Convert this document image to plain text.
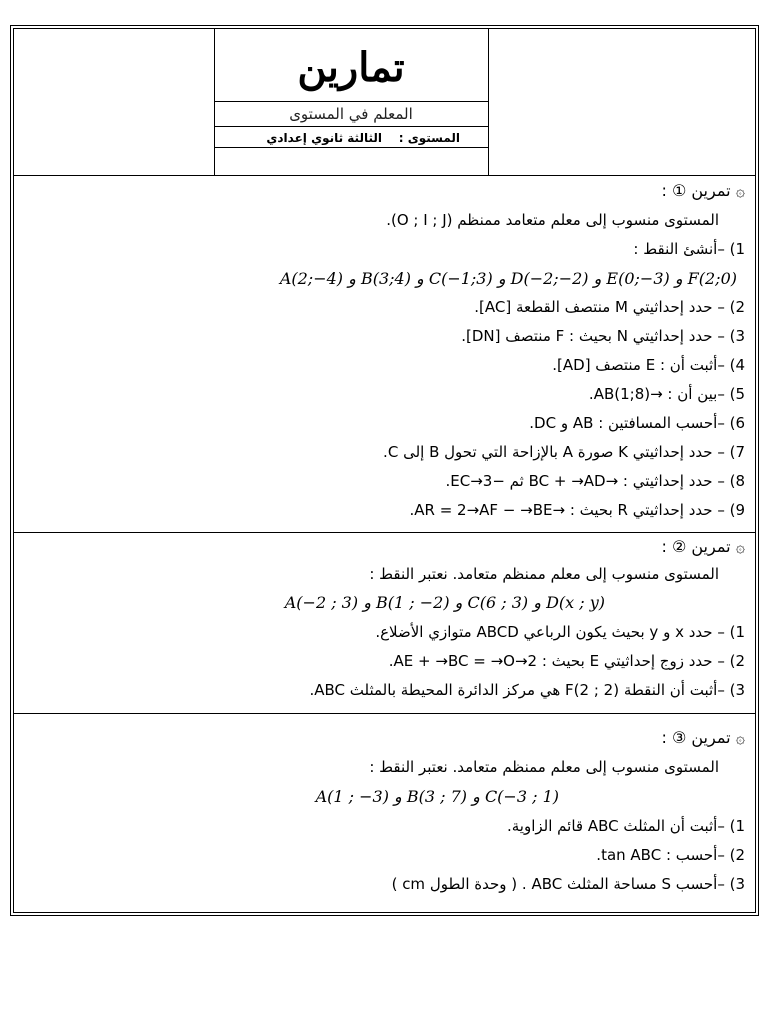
تمارين
المعلم في المستوى
المستوى :    الثالثة ثانوي إعدادي
۞ تمرين ① :
المستوى منسوب إلى معلم متعامد ممنظم (O ; I ; J).
1) –أنشئ النقط :
F(2;0) و E(0;−3) و D(−2;−2) و C(−1;3) و B(3;4) و A(2;−4)
2) – حدد إحداثيتي M منتصف القطعة [AC].
3) – حدد إحداثيتي N بحيث : F منتصف [DN].
4) –أثبت أن : E منتصف [AD].
5) –بين أن : →AB(1;8).
6) –أحسب المسافتين : AB و DC.
7) – حدد إحداثيتي K صورة A بالإزاحة التي تحول B إلى C.
8) – حدد إحداثيتي : →BC + →AD ثم −3→EC.
9) – حدد إحداثيتي R بحيث : →AR = 2→AF − →BE.
۞ تمرين ② :
المستوى منسوب إلى معلم ممنظم متعامد. نعتبر النقط :
D(x ; y) و C(6 ; 3) و B(1 ; −2) و A(−2 ; 3)
1) – حدد x و y بحيث يكون الرباعي ABCD متوازي الأضلاع.
2) – حدد زوج إحداثيتي E بحيث : 2→AE + →BC = →O.
3) –أثبت أن النقطة F(2 ; 2) هي مركز الدائرة المحيطة بالمثلث ABC.
۞ تمرين ③ :
المستوى منسوب إلى معلم ممنظم متعامد. نعتبر النقط :
C(−3 ; 1) و B(3 ; 7) و A(1 ; −3)
1) –أثبت أن المثلث ABC قائم الزاوية.
2) –أحسب : tan ABC.
3) –أحسب S مساحة المثلث ABC . ( وحدة الطول cm )
